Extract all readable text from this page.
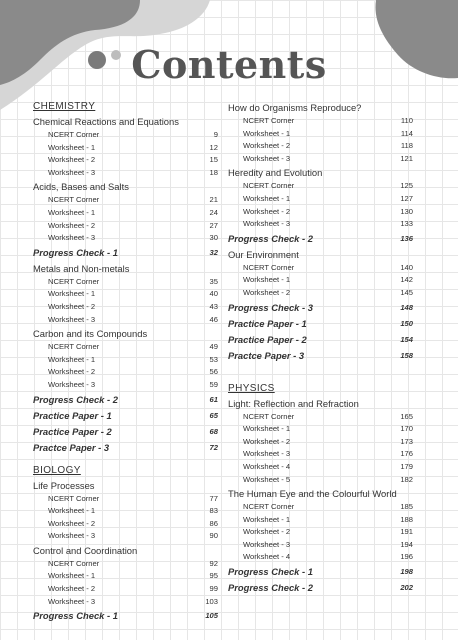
Contents
CHEMISTRY
Chemical Reactions and Equations
NCERT Corner	9
Worksheet - 1	12
Worksheet - 2	15
Worksheet - 3	18
Acids, Bases and Salts
NCERT Corner	21
Worksheet - 1	24
Worksheet - 2	27
Worksheet - 3	30
Progress Check - 1	32
Metals and Non-metals
NCERT Corner	35
Worksheet - 1	40
Worksheet - 2	43
Worksheet - 3	46
Carbon and its Compounds
NCERT Corner	49
Worksheet - 1	53
Worksheet - 2	56
Worksheet - 3	59
Progress Check - 2	61
Practice Paper - 1	65
Practice Paper - 2	68
Practce Paper - 3	72
BIOLOGY
Life Processes
NCERT Corner	77
Worksheet - 1	83
Worksheet - 2	86
Worksheet - 3	90
Control and Coordination
NCERT Corner	92
Worksheet - 1	95
Worksheet - 2	99
Worksheet - 3	103
Progress Check - 1	105
How do Organisms Reproduce?
NCERT Corner	110
Worksheet - 1	114
Worksheet - 2	118
Worksheet - 3	121
Heredity and Evolution
NCERT Corner	125
Worksheet - 1	127
Worksheet - 2	130
Worksheet - 3	133
Progress Check - 2	136
Our Environment
NCERT Corner	140
Worksheet - 1	142
Worksheet - 2	145
Progress Check - 3	148
Practice Paper - 1	150
Practice Paper - 2	154
Practce Paper - 3	158
PHYSICS
Light: Reflection and Refraction
NCERT Corner	165
Worksheet - 1	170
Worksheet - 2	173
Worksheet - 3	176
Worksheet - 4	179
Worksheet - 5	182
The Human Eye and the Colourful World
NCERT Corner	185
Worksheet - 1	188
Worksheet - 2	191
Worksheet - 3	194
Worksheet - 4	196
Progress Check - 1	198
Progress Check - 2	202
